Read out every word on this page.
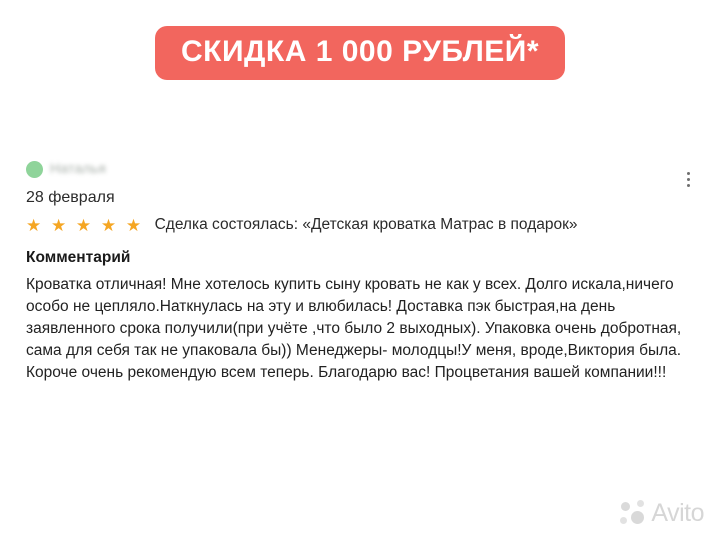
СКИДКА 1 000 РУБЛЕЙ*
Наталья
28 февраля
★ ★ ★ ★ ★ Сделка состоялась: «Детская кроватка Матрас в подарок»
Комментарий
Кроватка отличная! Мне хотелось купить сыну кровать не как у всех. Долго искала,ничего особо не цепляло.Наткнулась на эту и влюбилась! Доставка пэк быстрая,на день заявленного срока получили(при учёте ,что было 2 выходных). Упаковка очень добротная, сама для себя так не упаковала бы)) Менеджеры- молодцы!У меня, вроде,Виктория была. Короче очень рекомендую всем теперь. Благодарю вас! Процветания вашей компании!!!
Avito
